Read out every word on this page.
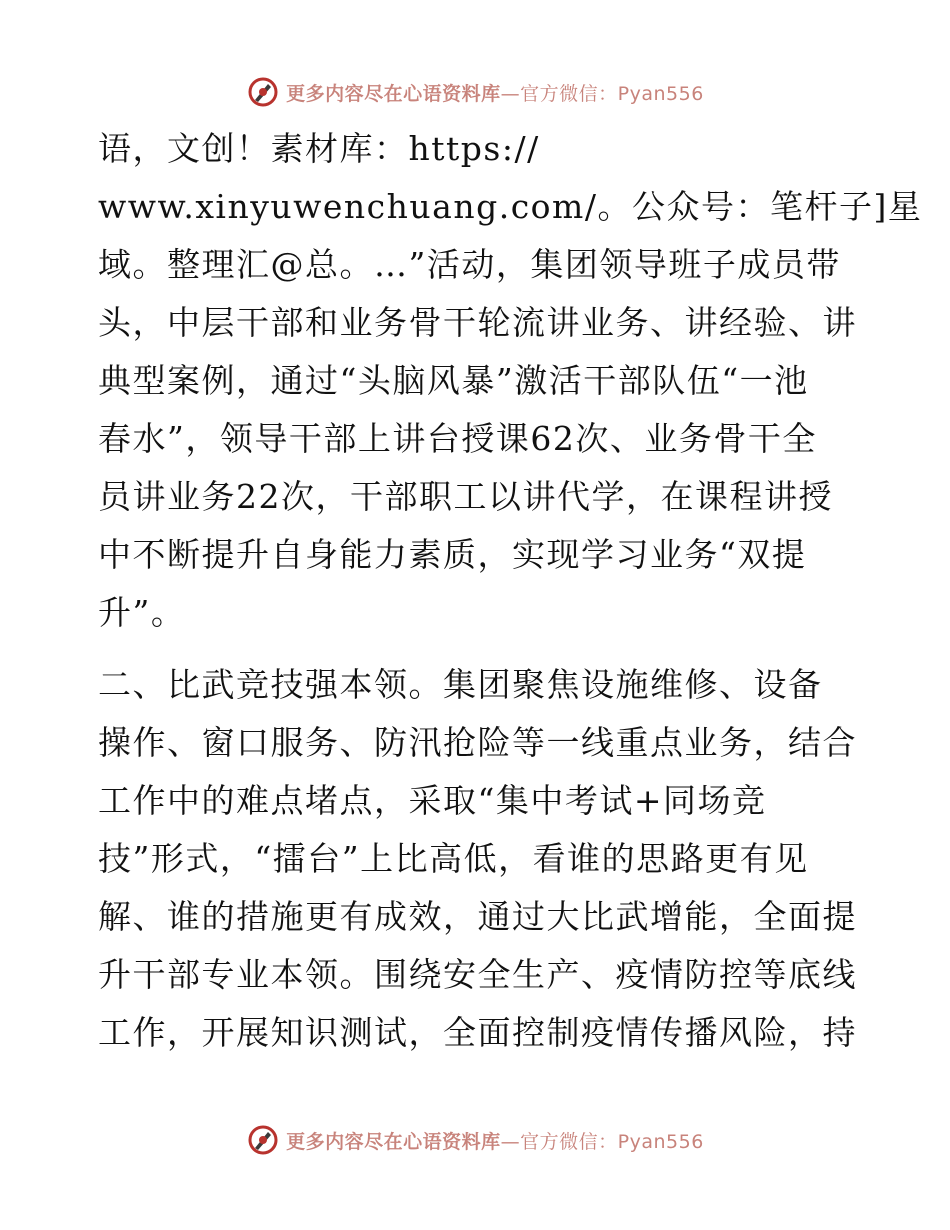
更多内容尽在心语资料库—官方微信：Pyan556
语，文创！素材库：https://
www.xinyuwenchuang.com/。公众号：笔杆子]星
域。整理汇@总。…”活动，集团领导班子成员带
头，中层干部和业务骨干轮流讲业务、讲经验、讲
典型案例，通过“头脑风暴”激活干部队伍“一池
春水”，领导干部上讲台授课62次、业务骨干全
员讲业务22次，干部职工以讲代学，在课程讲授
中不断提升自身能力素质，实现学习业务“双提
升”。
二、比武竞技强本领。集团聚焦设施维修、设备
操作、窗口服务、防汛抢险等一线重点业务，结合
工作中的难点堵点，采取“集中考试+同场竞
技”形式，“擂台”上比高低，看谁的思路更有见
解、谁的措施更有成效，通过大比武增能，全面提
升干部专业本领。围绕安全生产、疫情防控等底线
工作，开展知识测试，全面控制疫情传播风险，持
更多内容尽在心语资料库—官方微信：Pyan556
